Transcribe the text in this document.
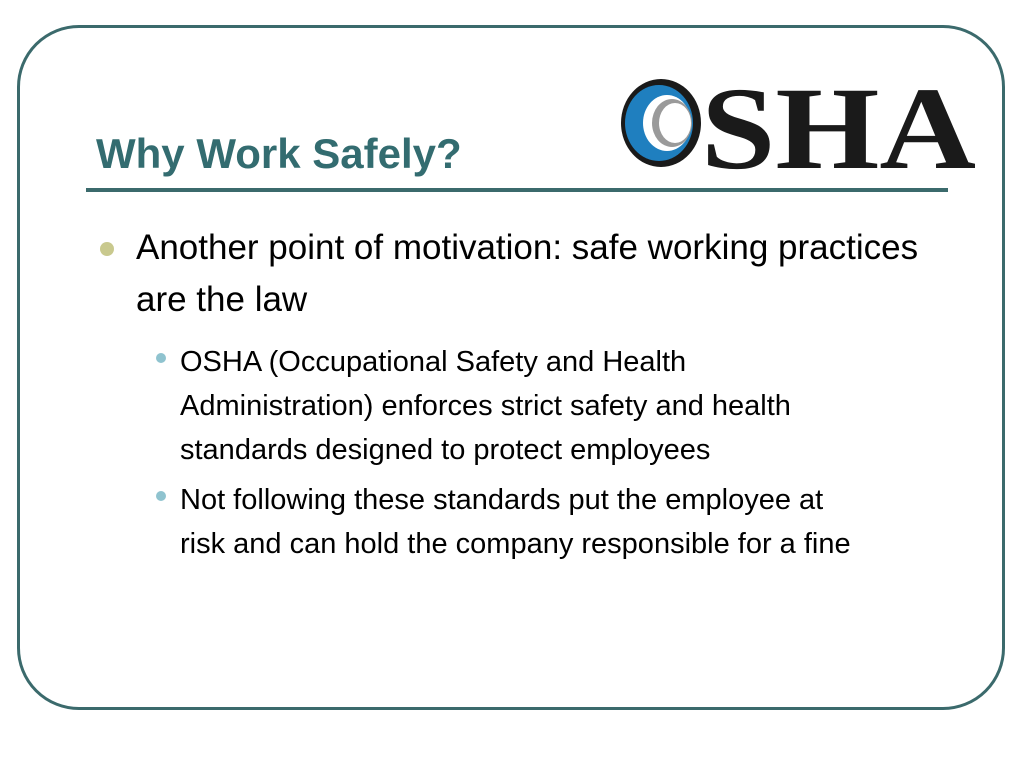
Why Work Safely? SHA
Another point of motivation: safe working practices are the law
OSHA (Occupational Safety and Health Administration) enforces strict safety and health standards designed to protect employees
Not following these standards put the employee at risk and can hold the company responsible for a fine
